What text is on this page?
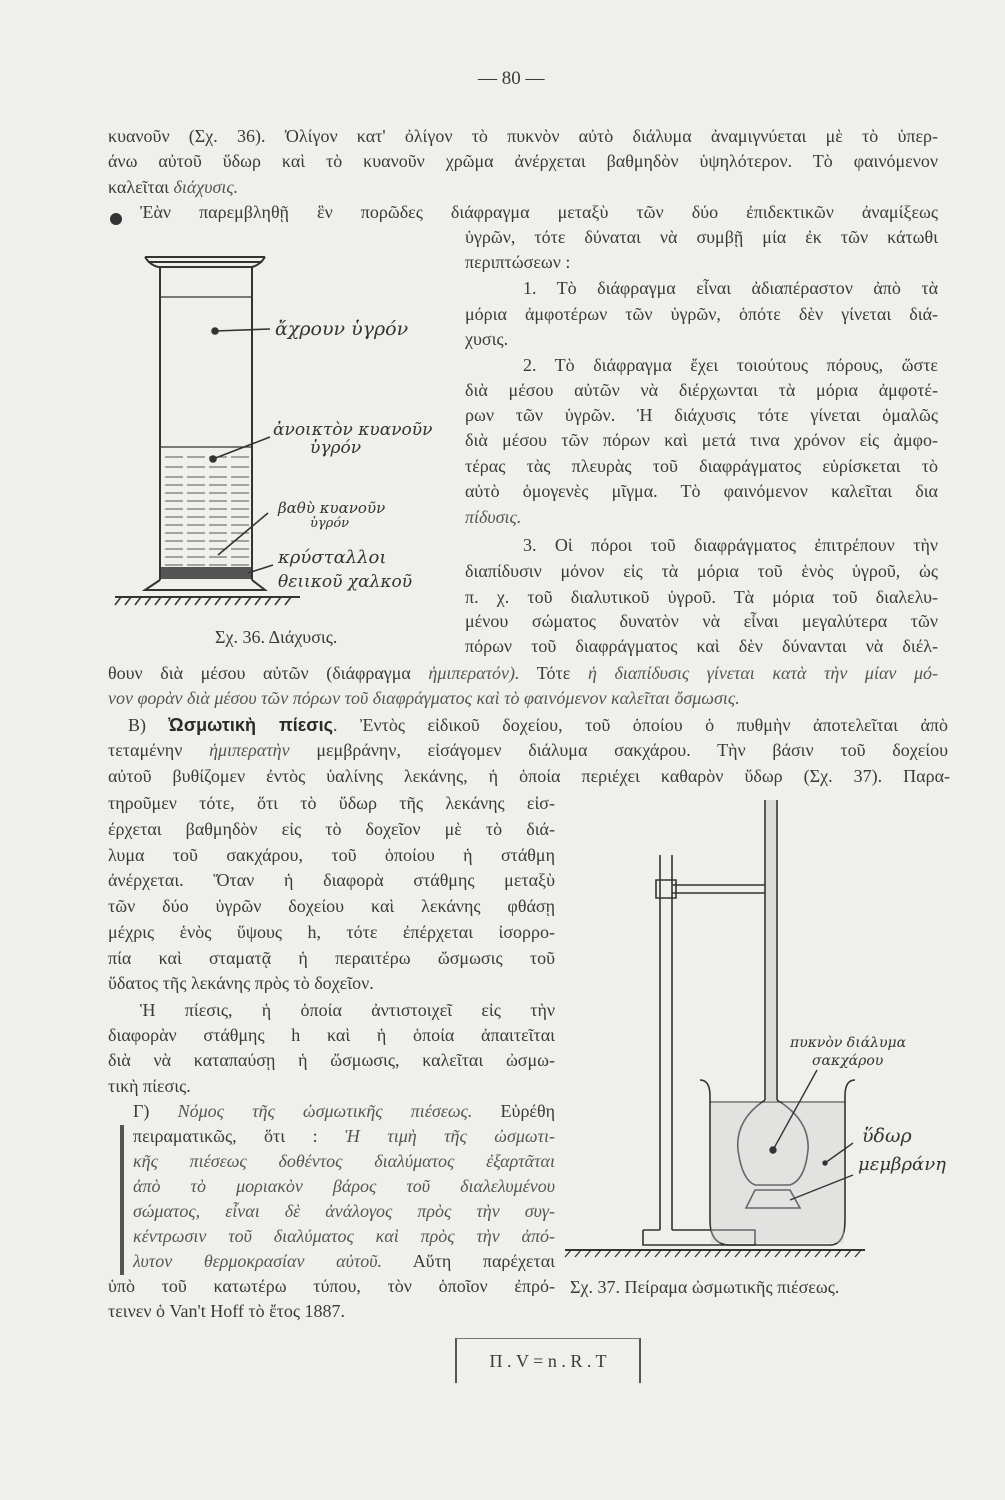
— 80 —
κυανοῦν (Σχ. 36). Ὀλίγον κατ' ὀλίγον τὸ πυκνὸν αὐτὸ διάλυμα ἀναμιγνύεται μὲ τὸ ὑπερ-
άνω αὐτοῦ ὕδωρ καὶ τὸ κυανοῦν χρῶμα ἀνέρχεται βαθμηδὸν ὑψηλότερον. Τὸ φαινόμενον
καλεῖται διάχυσις.
Ἐὰν παρεμβληθῇ ἓν πορῶδες διάφραγμα μεταξὺ τῶν δύο ἐπιδεκτικῶν ἀναμίξεως
ὑγρῶν, τότε δύναται νὰ συμβῇ μία ἐκ τῶν κάτωθι
περιπτώσεων :
1. Τὸ διάφραγμα εἶναι ἀδιαπέραστον ἀπὸ τὰ
μόρια ἀμφοτέρων τῶν ὑγρῶν, ὁπότε δὲν γίνεται διά-
χυσις.
2. Τὸ διάφραγμα ἔχει τοιούτους πόρους, ὥστε
διὰ μέσου αὐτῶν νὰ διέρχωνται τὰ μόρια ἀμφοτέ-
ρων τῶν ὑγρῶν. Ἡ διάχυσις τότε γίνεται ὁμαλῶς
διὰ μέσου τῶν πόρων καὶ μετά τινα χρόνον εἰς ἀμφο-
τέρας τὰς πλευρὰς τοῦ διαφράγματος εὑρίσκεται τὸ
αὐτὸ ὁμογενὲς μῖγμα. Τὸ φαινόμενον καλεῖται δια
πίδυσις.
3. Οἱ πόροι τοῦ διαφράγματος ἐπιτρέπουν τὴν
διαπίδυσιν μόνον εἰς τὰ μόρια τοῦ ἑνὸς ὑγροῦ, ὡς
π. χ. τοῦ διαλυτικοῦ ὑγροῦ. Τὰ μόρια τοῦ διαλελυ-
μένου σώματος δυνατὸν νὰ εἶναι μεγαλύτερα τῶν
πόρων τοῦ διαφράγματος καὶ δὲν δύνανται νὰ διέλ-
θουν διὰ μέσου αὐτῶν (διάφραγμα ἡμιπερατόν). Τότε ἡ διαπίδυσις γίνεται κατὰ τὴν μίαν μό-
νον φορὰν διὰ μέσου τῶν πόρων τοῦ διαφράγματος καὶ τὸ φαινόμενον καλεῖται ὄσμωσις.
Β) Ὠσμωτικὴ πίεσις. Ἐντὸς εἰδικοῦ δοχείου, τοῦ ὁποίου ὁ πυθμὴν ἀποτελεῖται ἀπὸ
τεταμένην ἡμιπερατὴν μεμβράνην, εἰσάγομεν διάλυμα σακχάρου. Τὴν βάσιν τοῦ δοχείου
αὐτοῦ βυθίζομεν ἐντὸς ὑαλίνης λεκάνης, ἡ ὁποία περιέχει καθαρὸν ὕδωρ (Σχ. 37). Παρα-
τηροῦμεν τότε, ὅτι τὸ ὕδωρ τῆς λεκάνης εἰσ-
έρχεται βαθμηδὸν εἰς τὸ δοχεῖον μὲ τὸ διά-
λυμα τοῦ σακχάρου, τοῦ ὁποίου ἡ στάθμη
ἀνέρχεται. Ὅταν ἡ διαφορὰ στάθμης μεταξὺ
τῶν δύο ὑγρῶν δοχείου καὶ λεκάνης φθάσῃ
μέχρις ἑνὸς ὕψους h, τότε ἐπέρχεται ἰσορρο-
πία καὶ σταματᾷ ἡ περαιτέρω ὤσμωσις τοῦ
ὕδατος τῆς λεκάνης πρὸς τὸ δοχεῖον.
Ἡ πίεσις, ἡ ὁποία ἀντιστοιχεῖ εἰς τὴν
διαφορὰν στάθμης h καὶ ἡ ὁποία ἀπαιτεῖται
διὰ νὰ καταπαύσῃ ἡ ὤσμωσις, καλεῖται ὠσμω-
τικὴ πίεσις.
Γ) Νόμος τῆς ὠσμωτικῆς πιέσεως. Εὑρέθη
πειραματικῶς, ὅτι : Ἡ τιμὴ τῆς ὠσμωτι-
κῆς πιέσεως δοθέντος διαλύματος ἐξαρτᾶται
ἀπὸ τὸ μοριακὸν βάρος τοῦ διαλελυμένου
σώματος, εἶναι δὲ ἀνάλογος πρὸς τὴν συγ-
κέντρωσιν τοῦ διαλύματος καὶ πρὸς τὴν ἀπό-
λυτον θερμοκρασίαν αὐτοῦ. Αὕτη παρέχεται
ὑπὸ τοῦ κατωτέρω τύπου, τὸν ὁποῖον ἐπρό-
τεινεν ὁ Van't Hoff τὸ ἔτος 1887.
Π . V = n . R . T
ἄχρουν ὑγρόν
ἀνοικτὸν κυανοῦν
ὑγρόν
βαθὺ κυανοῦν
ὑγρόν
κρύσταλλοι
θειικοῦ χαλκοῦ
Σχ. 36. Διάχυσις.
πυκνὸν διάλυμα
σακχάρου
ὕδωρ
μεμβράνη
Σχ. 37. Πείραμα ὠσμωτικῆς πιέσεως.
